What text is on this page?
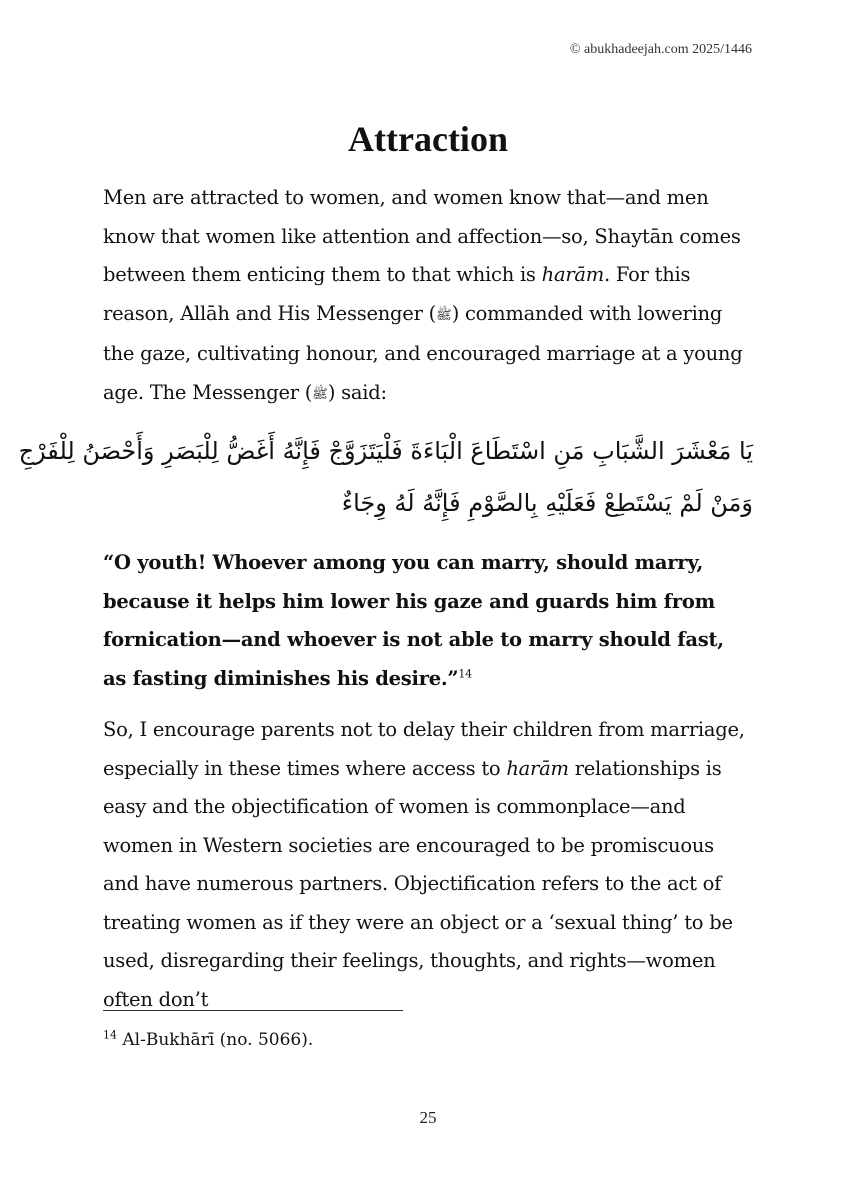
© abukhadeejah.com 2025/1446
Attraction

Men are attracted to women, and women know that—and men know that women like attention and affection—so, Shaytān comes between them enticing them to that which is harām. For this reason, Allāh and His Messenger (ﷺ) commanded with lowering the gaze, cultivating honour, and encouraged marriage at a young age. The Messenger (ﷺ) said:

يَا مَعْشَرَ الشَّبَابِ مَنِ اسْتَطَاعَ الْبَاءَةَ فَلْيَتَزَوَّجْ فَإِنَّهُ أَغَضُّ لِلْبَصَرِ وَأَحْصَنُ لِلْفَرْجِ
وَمَنْ لَمْ يَسْتَطِعْ فَعَلَيْهِ بِالصَّوْمِ فَإِنَّهُ لَهُ وِجَاءٌ

“O youth! Whoever among you can marry, should marry, because it helps him lower his gaze and guards him from fornication—and whoever is not able to marry should fast, as fasting diminishes his desire.”$^{14}$

So, I encourage parents not to delay their children from marriage, especially in these times where access to harām relationships is easy and the objectification of women is commonplace—and women in Western societies are encouraged to be promiscuous and have numerous partners. Objectification refers to the act of treating women as if they were an object or a ‘sexual thing’ to be used, disregarding their feelings, thoughts, and rights—women often don’t

$^{14}$ Al-Bukhārī (no. 5066).

25
